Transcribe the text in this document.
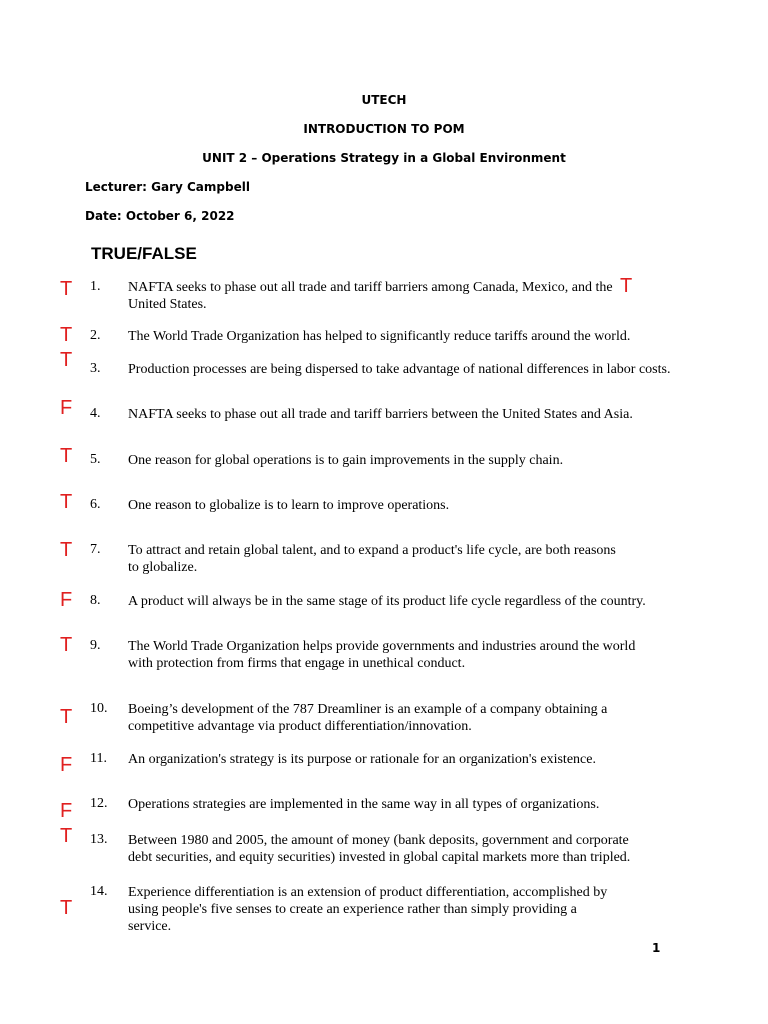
UTECH
INTRODUCTION TO POM
UNIT 2 – Operations Strategy in a Global Environment
Lecturer: Gary Campbell
Date: October 6, 2022
TRUE/FALSE
1. NAFTA seeks to phase out all trade and tariff barriers among Canada, Mexico, and the
United States.
T
2. The World Trade Organization has helped to significantly reduce tariffs around the world.
T
3. Production processes are being dispersed to take advantage of national differences in labor costs.
T
4. NAFTA seeks to phase out all trade and tariff barriers between the United States and Asia.
F
5. One reason for global operations is to gain improvements in the supply chain.
T
6. One reason to globalize is to learn to improve operations.
T
7. To attract and retain global talent, and to expand a product's life cycle, are both reasons
to globalize.
T
8. A product will always be in the same stage of its product life cycle regardless of the country.
F
9. The World Trade Organization helps provide governments and industries around the world
with protection from firms that engage in unethical conduct.
T
10. Boeing’s development of the 787 Dreamliner is an example of a company obtaining a
competitive advantage via product differentiation/innovation.
T
11. An organization's strategy is its purpose or rationale for an organization's existence.
F
12. Operations strategies are implemented in the same way in all types of organizations.
F
13. Between 1980 and 2005, the amount of money (bank deposits, government and corporate
debt securities, and equity securities) invested in global capital markets more than tripled.
T
14. Experience differentiation is an extension of product differentiation, accomplished by
using people's five senses to create an experience rather than simply providing a
service.
T
T
1
